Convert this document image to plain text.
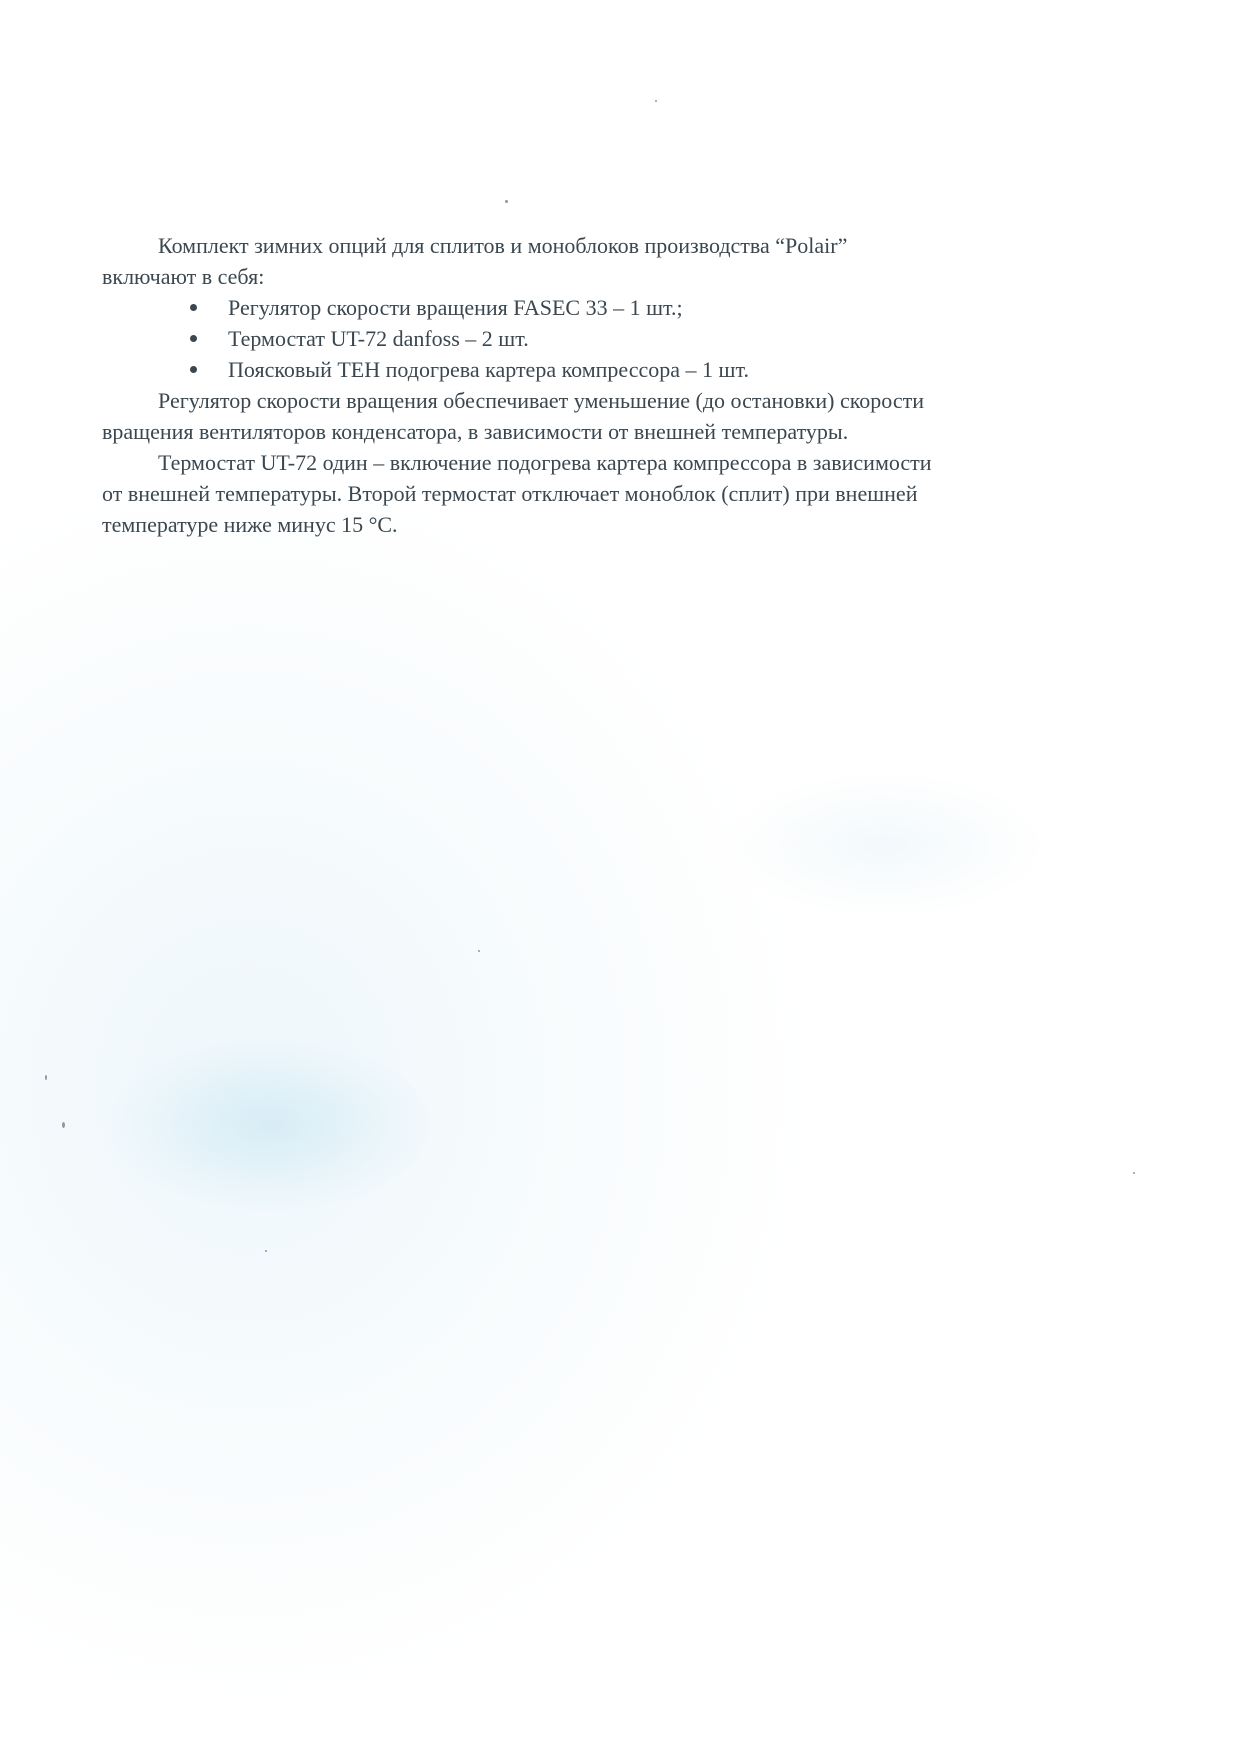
Комплект зимних опций для сплитов и моноблоков производства “Polair”
включают в себя:

Регулятор скорости вращения FASEC 33 – 1 шт.;
Термостат UT-72 danfoss – 2 шт.
Поясковый ТЕН подогрева картера компрессора – 1 шт.

Регулятор скорости вращения обеспечивает уменьшение (до остановки) скорости
вращения вентиляторов конденсатора, в зависимости от внешней температуры.

Термостат UT-72 один – включение подогрева картера компрессора в зависимости
от внешней температуры. Второй термостат отключает моноблок (сплит) при внешней
температуре ниже минус 15 °С.
